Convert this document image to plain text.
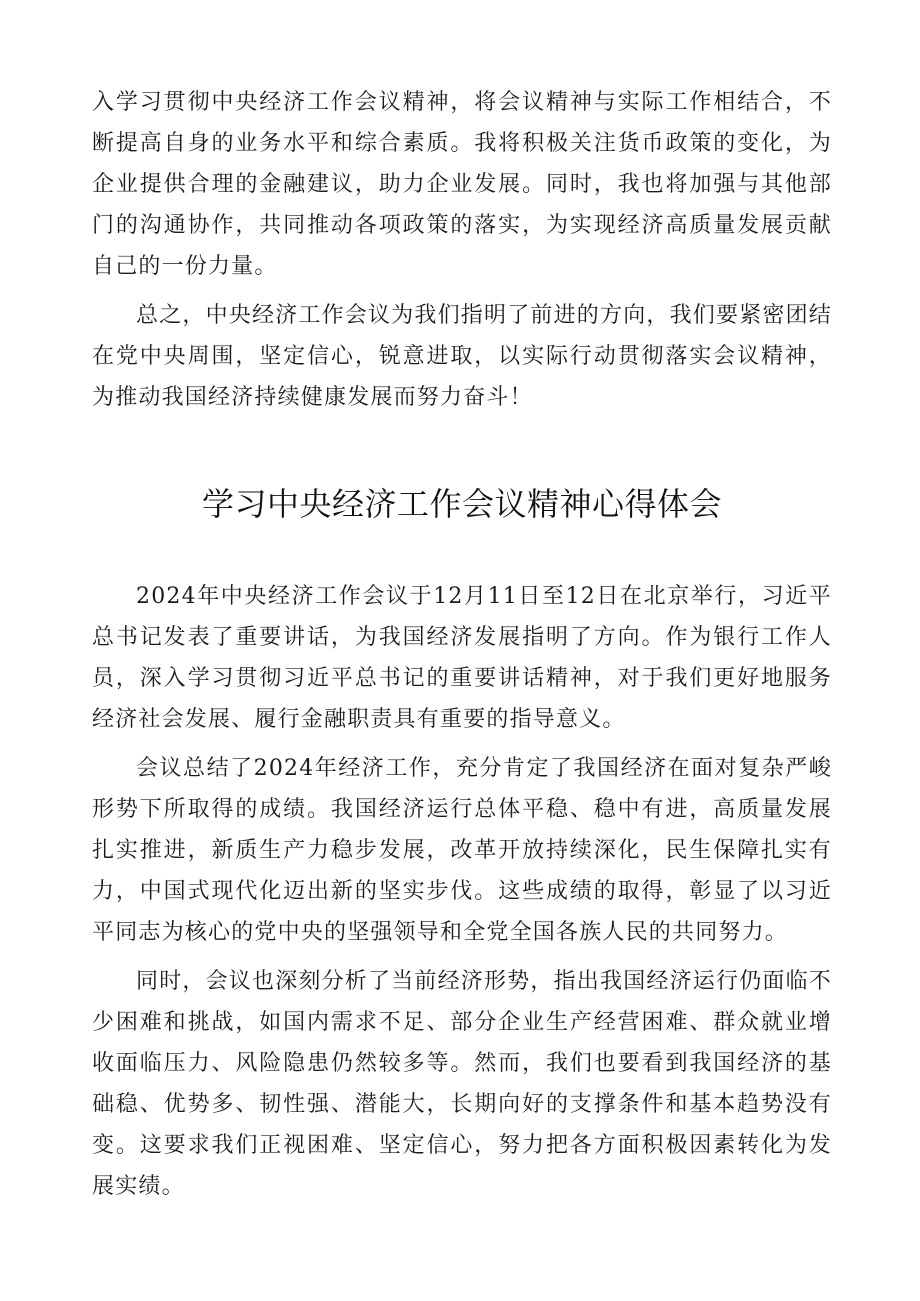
入学习贯彻中央经济工作会议精神，将会议精神与实际工作相结合，不断提高自身的业务水平和综合素质。我将积极关注货币政策的变化，为企业提供合理的金融建议，助力企业发展。同时，我也将加强与其他部门的沟通协作，共同推动各项政策的落实，为实现经济高质量发展贡献自己的一份力量。

总之，中央经济工作会议为我们指明了前进的方向，我们要紧密团结在党中央周围，坚定信心，锐意进取，以实际行动贯彻落实会议精神，为推动我国经济持续健康发展而努力奋斗！

学习中央经济工作会议精神心得体会

2024年中央经济工作会议于12月11日至12日在北京举行，习近平总书记发表了重要讲话，为我国经济发展指明了方向。作为银行工作人员，深入学习贯彻习近平总书记的重要讲话精神，对于我们更好地服务经济社会发展、履行金融职责具有重要的指导意义。

会议总结了2024年经济工作，充分肯定了我国经济在面对复杂严峻形势下所取得的成绩。我国经济运行总体平稳、稳中有进，高质量发展扎实推进，新质生产力稳步发展，改革开放持续深化，民生保障扎实有力，中国式现代化迈出新的坚实步伐。这些成绩的取得，彰显了以习近平同志为核心的党中央的坚强领导和全党全国各族人民的共同努力。

同时，会议也深刻分析了当前经济形势，指出我国经济运行仍面临不少困难和挑战，如国内需求不足、部分企业生产经营困难、群众就业增收面临压力、风险隐患仍然较多等。然而，我们也要看到我国经济的基础稳、优势多、韧性强、潜能大，长期向好的支撑条件和基本趋势没有变。这要求我们正视困难、坚定信心，努力把各方面积极因素转化为发展实绩。
